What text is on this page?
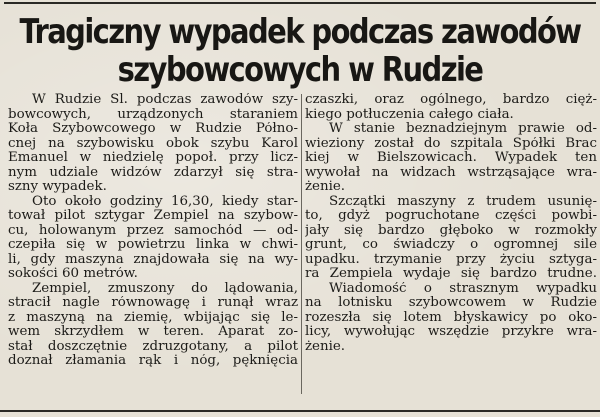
Tragiczny wypadek podczas zawodów
szybowcowych w Rudzie
W Rudzie Śl. podczas zawodów szy-
bowcowych, urządzonych staraniem
Koła Szybowcowego w Rudzie Półno-
cnej na szybowisku obok szybu Karol
Emanuel w niedzielę popoł. przy licz-
nym udziale widzów zdarzył się stra-
szny wypadek.
Oto około godziny 16,30, kiedy star-
tował pilot sztygar Zempiel na szybow-
cu, holowanym przez samochód — od-
czepiła się w powietrzu linka w chwi-
li, gdy maszyna znajdowała się na wy-
sokości 60 metrów.
Zempiel, zmuszony do lądowania,
stracił nagle równowagę i runął wraz
z maszyną na ziemię, wbijając się le-
wem skrzydłem w teren. Aparat zo-
stał doszczętnie zdruzgotany, a pilot
doznał złamania rąk i nóg, pęknięcia
czaszki, oraz ogólnego, bardzo cięż-
kiego potłuczenia całego ciała.
W stanie beznadziejnym prawie od-
wieziony został do szpitala Spółki Brac
kiej w Bielszowicach. Wypadek ten
wywołał na widzach wstrząsające wra-
żenie.
Szczątki maszyny z trudem usunię-
to, gdyż pogruchotane części powbi-
jały się bardzo głęboko w rozmokły
grunt, co świadczy o ogromnej sile
upadku. trzymanie przy życiu sztyga-
ra Zempiela wydaje się bardzo trudne.
Wiadomość o strasznym wypadku
na lotnisku szybowcowem w Rudzie
rozeszła się lotem błyskawicy po oko-
licy, wywołując wszędzie przykre wra-
żenie.
